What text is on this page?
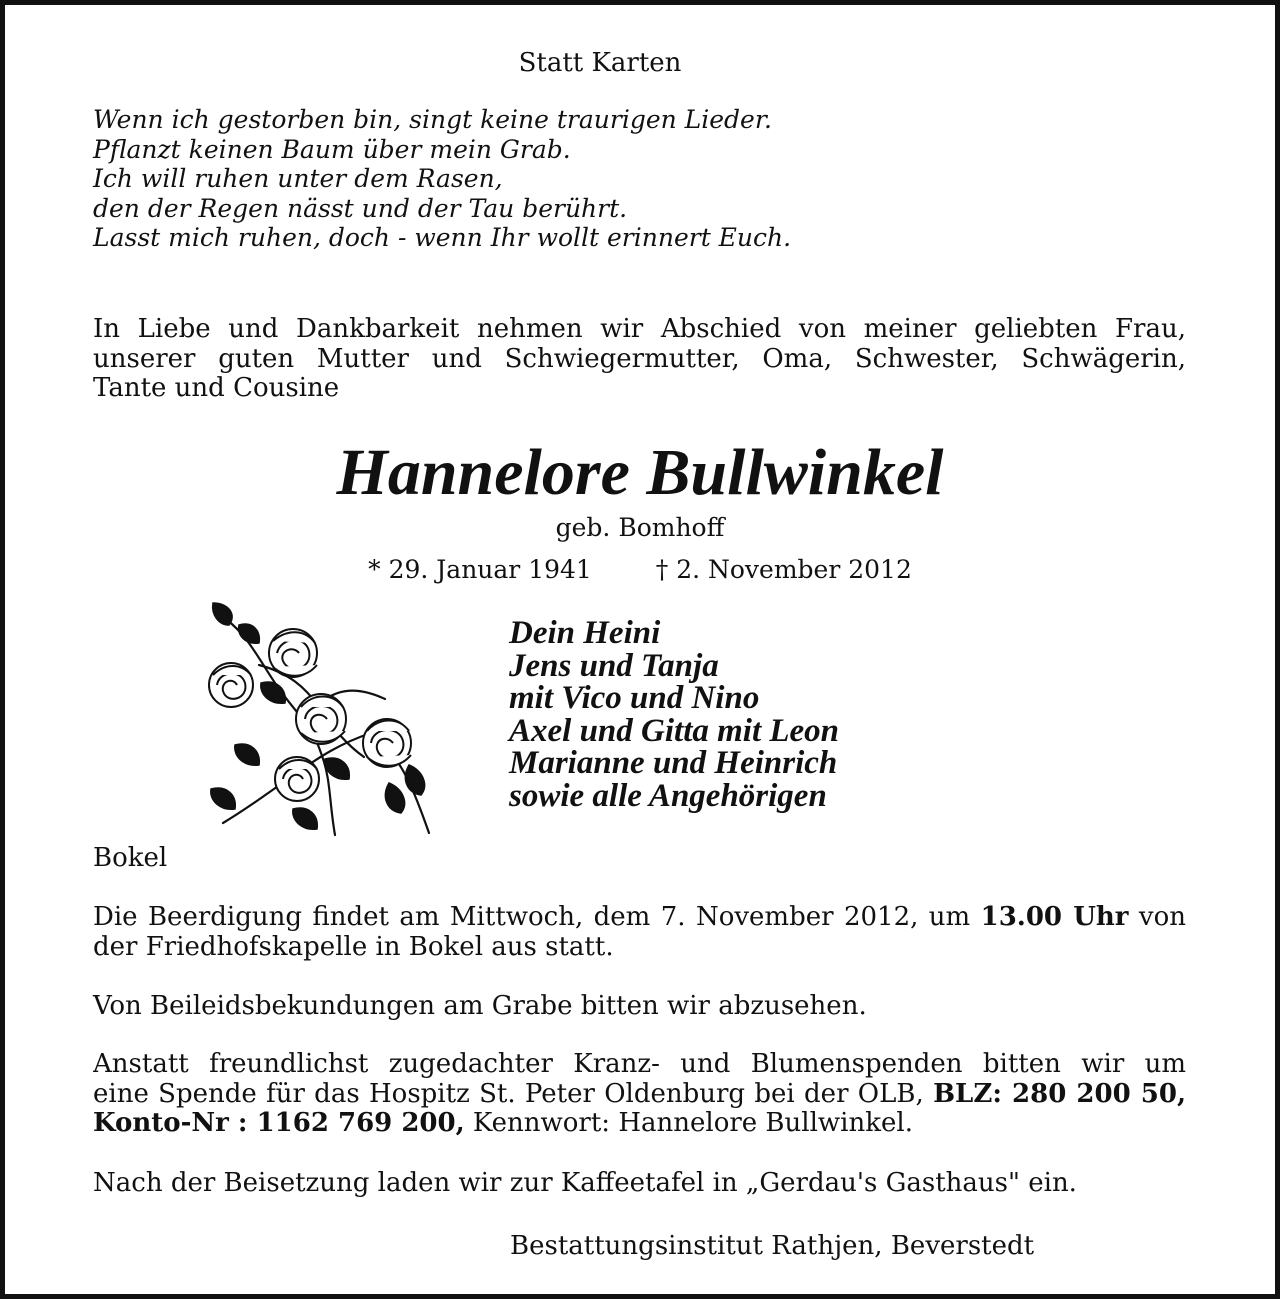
Statt Karten
Wenn ich gestorben bin, singt keine traurigen Lieder.
Pflanzt keinen Baum über mein Grab.
Ich will ruhen unter dem Rasen,
den der Regen nässt und der Tau berührt.
Lasst mich ruhen, doch - wenn Ihr wollt erinnert Euch.
In Liebe und Dankbarkeit nehmen wir Abschied von meiner geliebten Frau,
unserer guten Mutter und Schwiegermutter, Oma, Schwester, Schwägerin,
Tante und Cousine
Hannelore Bullwinkel
geb. Bomhoff
* 29. Januar 1941	† 2. November 2012
Dein Heini
Jens und Tanja
mit Vico und Nino
Axel und Gitta mit Leon
Marianne und Heinrich
sowie alle Angehörigen
Bokel
Die Beerdigung findet am Mittwoch, dem 7. November 2012, um 13.00 Uhr von
der Friedhofskapelle in Bokel aus statt.
Von Beileidsbekundungen am Grabe bitten wir abzusehen.
Anstatt freundlichst zugedachter Kranz- und Blumenspenden bitten wir um
eine Spende für das Hospitz St. Peter Oldenburg bei der OLB, BLZ: 280 200 50,
Konto-Nr : 1162 769 200, Kennwort: Hannelore Bullwinkel.
Nach der Beisetzung laden wir zur Kaffeetafel in „Gerdau's Gasthaus" ein.
Bestattungsinstitut Rathjen, Beverstedt
